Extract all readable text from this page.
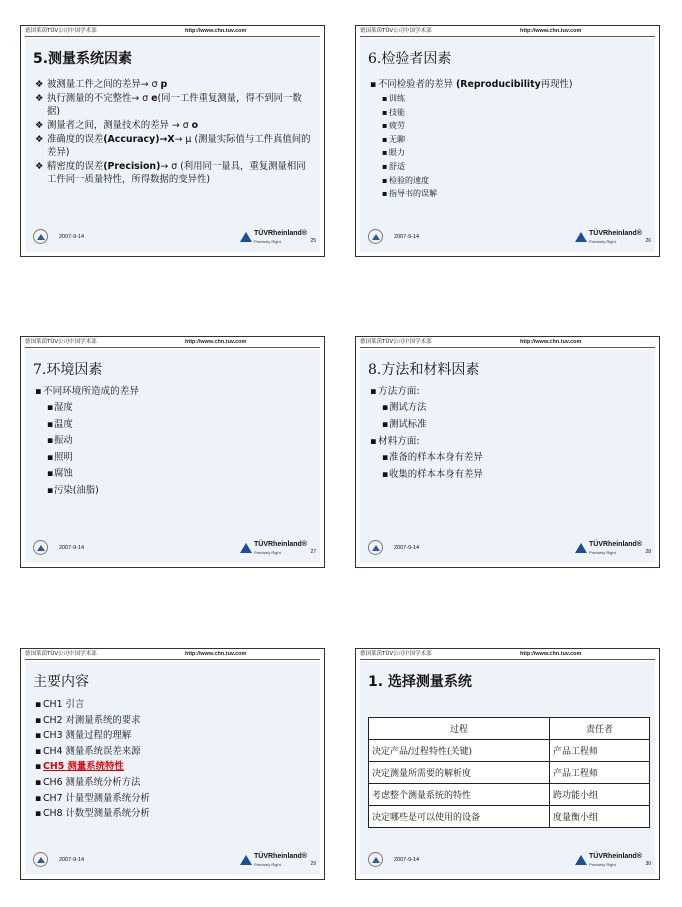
德国莱茵TÜV公司中国学术部	http://www.chn.tuv.com
5.测量系统因素

❖ 被测量工件之间的差异→ σ p

❖ 执行测量的不完整性→ σ e(同一工件重复测量，得不到同一数据)

❖ 测量者之间，测量技术的差异 → σ o

❖ 准确度的误差(Accuracy)→X→ μ (测量实际值与工件真值间的差异)

❖ 精密度的误差(Precision)→ σ (利用同一量具，重复测量相同工件同一质量特性，所得数据的变异性)

2007-9-14	TÜVRheinland®
Precisely Right.	25
德国莱茵TÜV公司中国学术部	http://www.chn.tuv.com
6.检验者因素

▪ 不同检验者的差异 (Reproducibility再现性)

▪ 训练

▪ 技能

▪ 疲劳

▪ 无聊

▪ 眼力

▪ 舒适

▪ 检验的速度

▪ 指导书的误解

2007-9-14	TÜVRheinland®
Precisely Right.	26
德国莱茵TÜV公司中国学术部	http://www.chn.tuv.com
7.环境因素

▪不同环境所造成的差异

▪湿度

▪温度

▪振动

▪照明

▪腐蚀

▪污染(油脂)

2007-9-14	TÜVRheinland®
Precisely Right.	27
德国莱茵TÜV公司中国学术部	http://www.chn.tuv.com
8.方法和材料因素

▪方法方面:

▪测试方法

▪测试标准

▪材料方面:

▪准备的样本本身有差异

▪收集的样本本身有差异

2007-9-14	TÜVRheinland®
Precisely Right.	28
德国莱茵TÜV公司中国学术部	http://www.chn.tuv.com
主要内容

▪ CH1 引言

▪ CH2 对测量系统的要求

▪ CH3 测量过程的理解

▪ CH4 测量系统误差来源

▪ CH5 测量系统特性

▪ CH6 测量系统分析方法

▪ CH7 计量型测量系统分析

▪ CH8 计数型测量系统分析

2007-9-14	TÜVRheinland®
Precisely Right.	29
德国莱茵TÜV公司中国学术部	http://www.chn.tuv.com
1. 选择测量系统
过程	责任者
决定产品/过程特性(关键)	产品工程师
决定测量所需要的解析度	产品工程师
考虑整个测量系统的特性	跨功能小组
决定哪些是可以使用的设备	度量衡小组
2007-9-14	TÜVRheinland®
Precisely Right.	30
